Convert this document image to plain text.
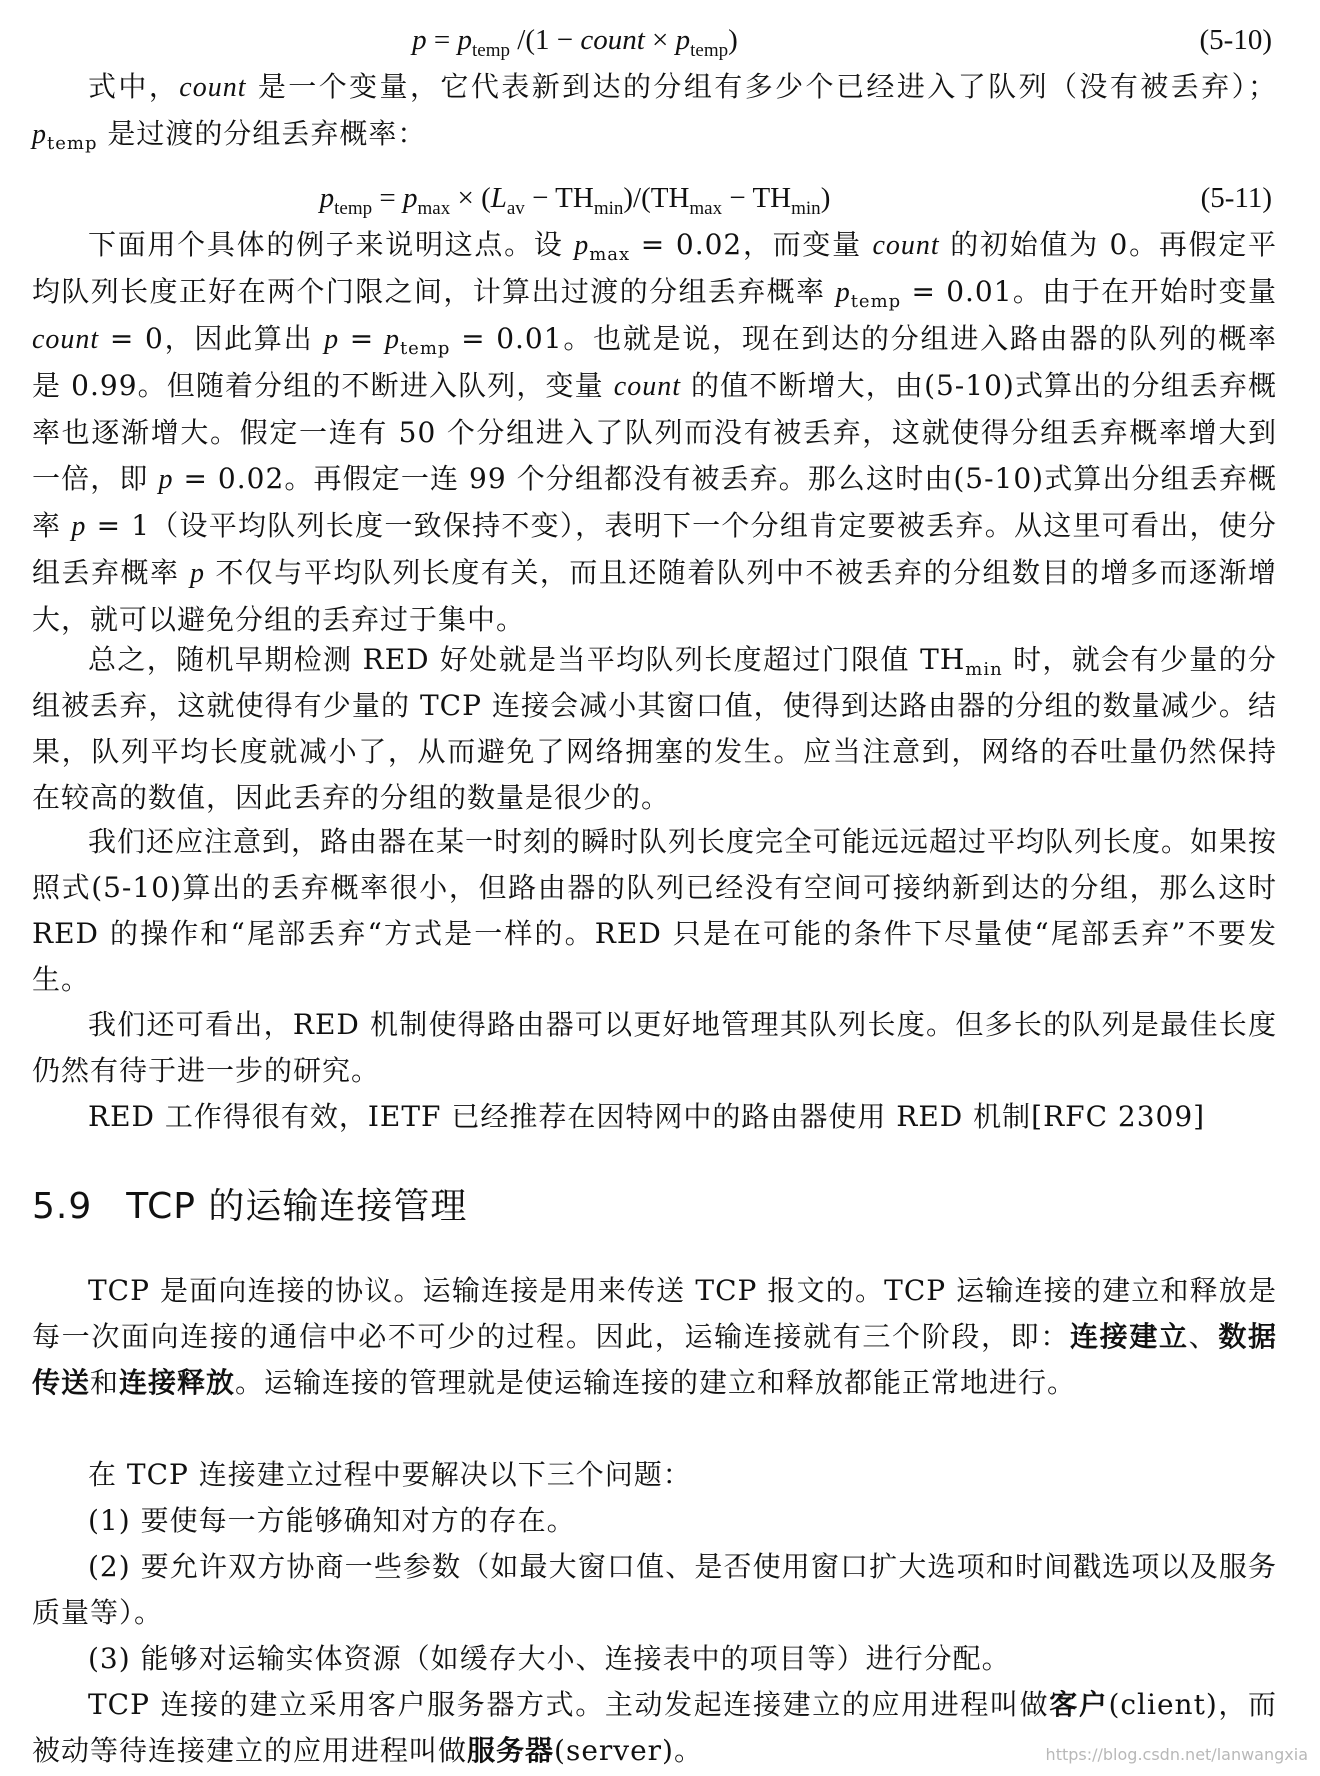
$p = p_{temp}$ /(1 − count × $p_{temp}$)	(5-10)

式中，count 是一个变量，它代表新到达的分组有多少个已经进入了队列（没有被丢弃）；$p_{temp}$ 是过渡的分组丢弃概率：

$p_{temp} = p_{max} \times (L_{av} - TH_{min})/(TH_{max} - TH_{min})$	(5-11)

下面用个具体的例子来说明这点。设 $p_{max} = 0.02$，而变量 count 的初始值为 0。再假定平均队列长度正好在两个门限之间，计算出过渡的分组丢弃概率 $p_{temp} = 0.01$。由于在开始时变量 count = 0，因此算出 $p = p_{temp} = 0.01$。也就是说，现在到达的分组进入路由器的队列的概率是 0.99。但随着分组的不断进入队列，变量 count 的值不断增大，由(5-10)式算出的分组丢弃概率也逐渐增大。假定一连有 50 个分组进入了队列而没有被丢弃，这就使得分组丢弃概率增大到一倍，即 p = 0.02。再假定一连 99 个分组都没有被丢弃。那么这时由(5-10)式算出分组丢弃概率 p = 1（设平均队列长度一致保持不变），表明下一个分组肯定要被丢弃。从这里可看出，使分组丢弃概率 p 不仅与平均队列长度有关，而且还随着队列中不被丢弃的分组数目的增多而逐渐增大，就可以避免分组的丢弃过于集中。

总之，随机早期检测 RED 好处就是当平均队列长度超过门限值 $TH_{min}$ 时，就会有少量的分组被丢弃，这就使得有少量的 TCP 连接会减小其窗口值，使得到达路由器的分组的数量减少。结果，队列平均长度就减小了，从而避免了网络拥塞的发生。应当注意到，网络的吞吐量仍然保持在较高的数值，因此丢弃的分组的数量是很少的。

我们还应注意到，路由器在某一时刻的瞬时队列长度完全可能远远超过平均队列长度。如果按照式(5-10)算出的丢弃概率很小，但路由器的队列已经没有空间可接纳新到达的分组，那么这时 RED 的操作和“尾部丢弃“方式是一样的。RED 只是在可能的条件下尽量使“尾部丢弃”不要发生。

我们还可看出，RED 机制使得路由器可以更好地管理其队列长度。但多长的队列是最佳长度仍然有待于进一步的研究。

RED 工作得很有效，IETF 已经推荐在因特网中的路由器使用 RED 机制[RFC 2309]

5.9 TCP 的运输连接管理

TCP 是面向连接的协议。运输连接是用来传送 TCP 报文的。TCP 运输连接的建立和释放是每一次面向连接的通信中必不可少的过程。因此，运输连接就有三个阶段，即：连接建立、数据传送和连接释放。运输连接的管理就是使运输连接的建立和释放都能正常地进行。

在 TCP 连接建立过程中要解决以下三个问题：

(1) 要使每一方能够确知对方的存在。

(2) 要允许双方协商一些参数（如最大窗口值、是否使用窗口扩大选项和时间戳选项以及服务质量等）。

(3) 能够对运输实体资源（如缓存大小、连接表中的项目等）进行分配。

TCP 连接的建立采用客户服务器方式。主动发起连接建立的应用进程叫做客户(client)，而被动等待连接建立的应用进程叫做服务器(server)。	https://blog.csdn.net/lanwangxia
